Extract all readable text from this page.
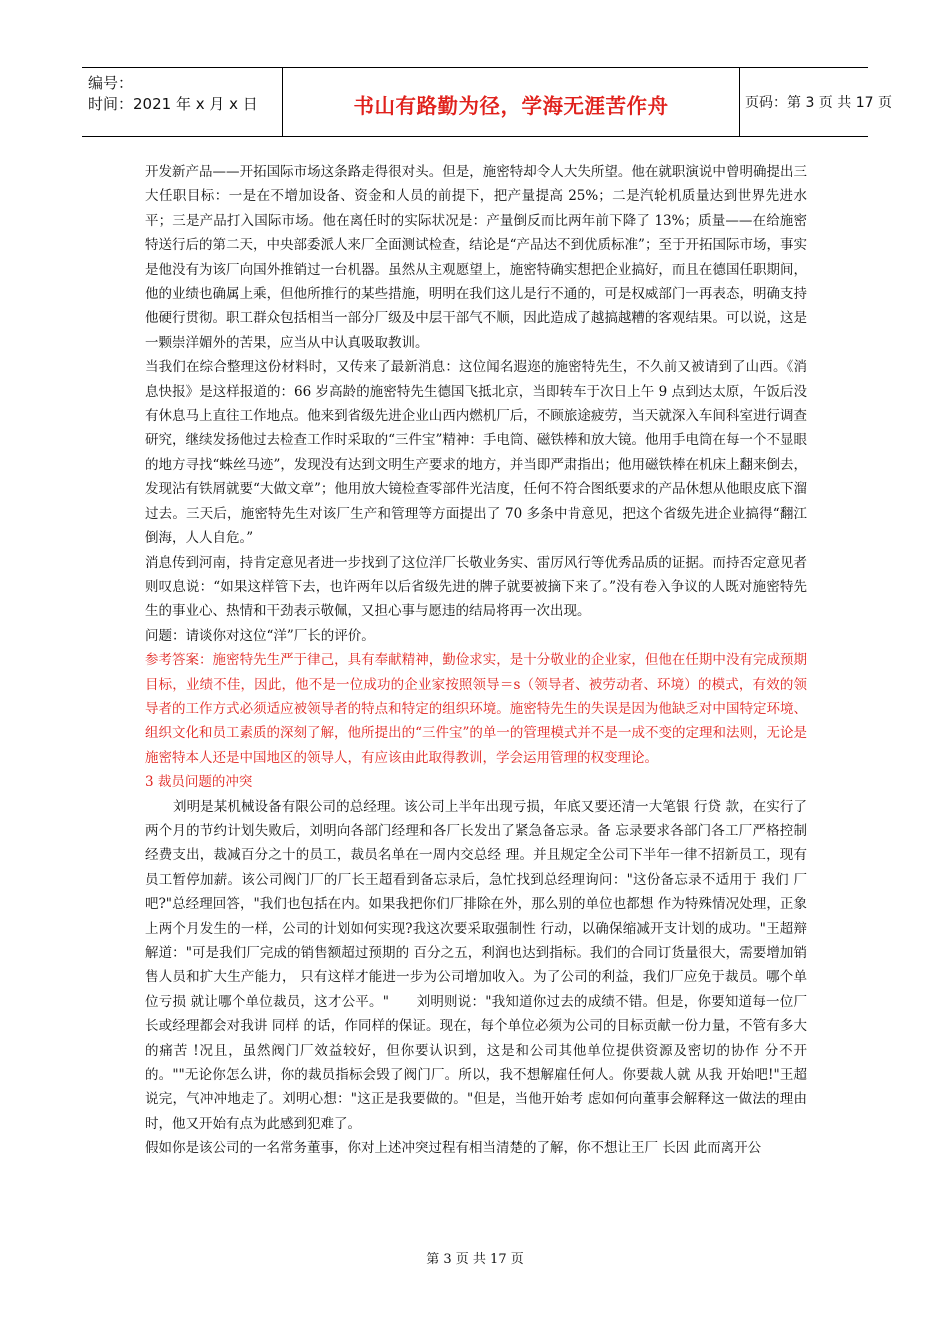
编号：
时间：2021 年 x 月 x 日	书山有路勤为径，学海无涯苦作舟	页码：第 3 页 共 17 页

开发新产品——开拓国际市场这条路走得很对头。但是，施密特却令人大失所望。他在就职演说中曾明确提出三大任职目标：一是在不增加设备、资金和人员的前提下，把产量提高 25%；二是汽轮机质量达到世界先进水平；三是产品打入国际市场。他在离任时的实际状况是：产量倒反而比两年前下降了 13%；质量——在给施密特送行后的第二天，中央部委派人来厂全面测试检查，结论是“产品达不到优质标准”；至于开拓国际市场，事实是他没有为该厂向国外推销过一台机器。虽然从主观愿望上，施密特确实想把企业搞好，而且在德国任职期间，他的业绩也确属上乘，但他所推行的某些措施，明明在我们这儿是行不通的，可是权威部门一再表态，明确支持他硬行贯彻。职工群众包括相当一部分厂级及中层干部气不顺，因此造成了越搞越糟的客观结果。可以说，这是一颗崇洋媚外的苦果，应当从中认真吸取教训。

当我们在综合整理这份材料时，又传来了最新消息：这位闻名遐迩的施密特先生，不久前又被请到了山西。《消息快报》是这样报道的：66 岁高龄的施密特先生德国飞抵北京，当即转车于次日上午 9 点到达太原，午饭后没有休息马上直往工作地点。他来到省级先进企业山西内燃机厂后，不顾旅途疲劳，当天就深入车间科室进行调查研究，继续发扬他过去检查工作时采取的“三件宝”精神：手电筒、磁铁棒和放大镜。他用手电筒在每一个不显眼的地方寻找“蛛丝马迹”，发现没有达到文明生产要求的地方，并当即严肃指出；他用磁铁棒在机床上翻来倒去，发现沾有铁屑就要“大做文章”；他用放大镜检查零部件光洁度，任何不符合图纸要求的产品休想从他眼皮底下溜过去。三天后，施密特先生对该厂生产和管理等方面提出了 70 多条中肯意见，把这个省级先进企业搞得“翻江倒海，人人自危。”

消息传到河南，持肯定意见者进一步找到了这位洋厂长敬业务实、雷厉风行等优秀品质的证据。而持否定意见者则叹息说：“如果这样管下去，也许两年以后省级先进的牌子就要被摘下来了。”没有卷入争议的人既对施密特先生的事业心、热情和干劲表示敬佩，又担心事与愿违的结局将再一次出现。

问题：请谈你对这位“洋”厂长的评价。

参考答案：施密特先生严于律己，具有奉献精神，勤俭求实，是十分敬业的企业家，但他在任期中没有完成预期目标，业绩不佳，因此，他不是一位成功的企业家按照领导＝s（领导者、被劳动者、环境）的模式，有效的领导者的工作方式必须适应被领导者的特点和特定的组织环境。施密特先生的失误是因为他缺乏对中国特定环境、组织文化和员工素质的深刻了解，他所提出的“三件宝”的单一的管理模式并不是一成不变的定理和法则，无论是施密特本人还是中国地区的领导人，有应该由此取得教训，学会运用管理的权变理论。

3 裁员问题的冲突

刘明是某机械设备有限公司的总经理。该公司上半年出现亏损，年底又要还清一大笔银 行贷 款，在实行了两个月的节约计划失败后，刘明向各部门经理和各厂长发出了紧急备忘录。备 忘录要求各部门各工厂严格控制经费支出，裁减百分之十的员工，裁员名单在一周内交总经 理。并且规定全公司下半年一律不招新员工，现有员工暂停加薪。该公司阀门厂的厂长王超看到备忘录后，急忙找到总经理询问："这份备忘录不适用于 我们 厂吧?"总经理回答，"我们也包括在内。如果我把你们厂排除在外，那么别的单位也都想 作为特殊情况处理，正象上两个月发生的一样，公司的计划如何实现?我这次要采取强制性 行动，以确保缩减开支计划的成功。"王超辩解道："可是我们厂完成的销售额超过预期的 百分之五，利润也达到指标。我们的合同订货量很大，需要增加销售人员和扩大生产能力， 只有这样才能进一步为公司增加收入。为了公司的利益，我们厂应免于裁员。哪个单位亏损 就让哪个单位裁员，这才公平。"　　刘明则说："我知道你过去的成绩不错。但是，你要知道每一位厂长或经理都会对我讲 同样 的话，作同样的保证。现在，每个单位必须为公司的目标贡献一份力量，不管有多大的痛苦 !况且，虽然阀门厂效益较好，但你要认识到，这是和公司其他单位提供资源及密切的协作 分不开的。""无论你怎么讲，你的裁员指标会毁了阀门厂。所以，我不想解雇任何人。你要裁人就 从我 开始吧!"王超说完，气冲冲地走了。刘明心想："这正是我要做的。"但是，当他开始考 虑如何向董事会解释这一做法的理由时，他又开始有点为此感到犯难了。

假如你是该公司的一名常务董事，你对上述冲突过程有相当清楚的了解，你不想让王厂 长因 此而离开公

第 3 页 共 17 页
